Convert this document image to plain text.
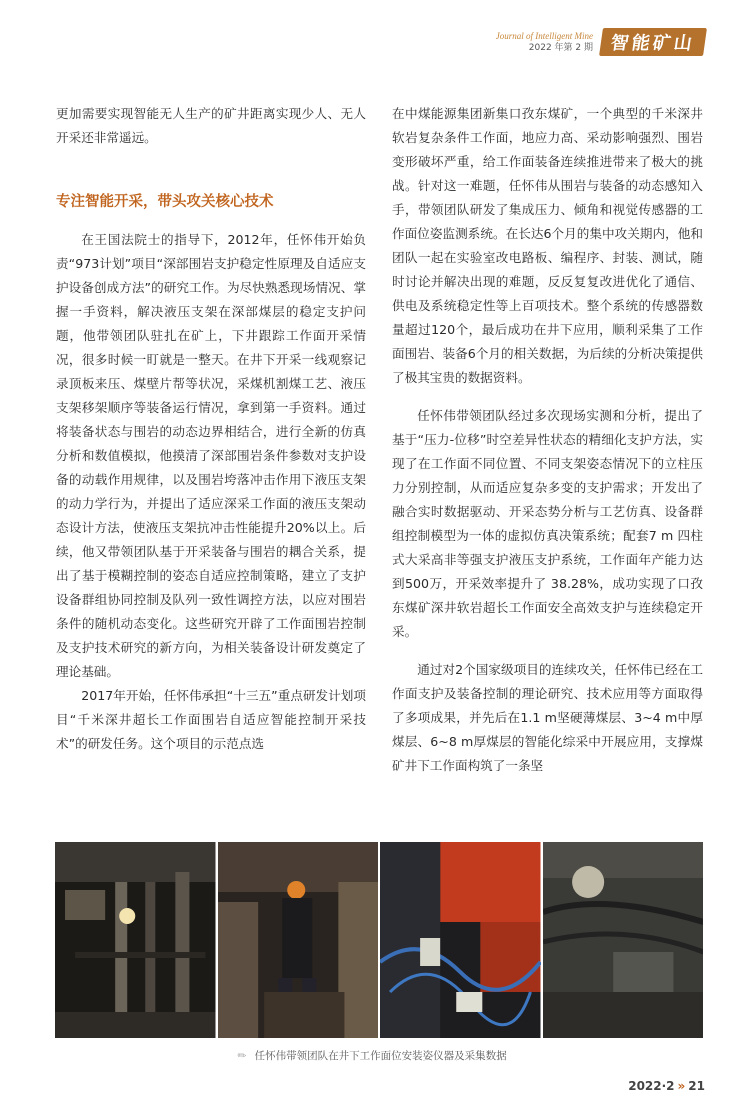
Journal of Intelligent Mine
2022 年第 2 期 智能矿山

更加需要实现智能无人生产的矿井距离实现少人、无人开采还非常遥远。

专注智能开采，带头攻关核心技术

在王国法院士的指导下，2012年，任怀伟开始负责“973计划”项目“深部围岩支护稳定性原理及自适应支护设备创成方法”的研究工作。为尽快熟悉现场情况、掌握一手资料，解决液压支架在深部煤层的稳定支护问题，他带领团队驻扎在矿上，下井跟踪工作面开采情况，很多时候一盯就是一整天。在井下开采一线观察记录顶板来压、煤壁片帮等状况，采煤机割煤工艺、液压支架移架顺序等装备运行情况，拿到第一手资料。通过将装备状态与围岩的动态边界相结合，进行全新的仿真分析和数值模拟，他摸清了深部围岩条件参数对支护设备的动载作用规律，以及围岩垮落冲击作用下液压支架的动力学行为，并提出了适应深采工作面的液压支架动态设计方法，使液压支架抗冲击性能提升20%以上。后续，他又带领团队基于开采装备与围岩的耦合关系，提出了基于模糊控制的姿态自适应控制策略，建立了支护设备群组协同控制及队列一致性调控方法，以应对围岩条件的随机动态变化。这些研究开辟了工作面围岩控制及支护技术研究的新方向，为相关装备设计研发奠定了理论基础。

2017年开始，任怀伟承担“十三五”重点研发计划项目“千米深井超长工作面围岩自适应智能控制开采技术”的研发任务。这个项目的示范点选

在中煤能源集团新集口孜东煤矿，一个典型的千米深井软岩复杂条件工作面，地应力高、采动影响强烈、围岩变形破坏严重，给工作面装备连续推进带来了极大的挑战。针对这一难题，任怀伟从围岩与装备的动态感知入手，带领团队研发了集成压力、倾角和视觉传感器的工作面位姿监测系统。在长达6个月的集中攻关期内，他和团队一起在实验室改电路板、编程序、封装、测试，随时讨论并解决出现的难题，反反复复改进优化了通信、供电及系统稳定性等上百项技术。整个系统的传感器数量超过120个，最后成功在井下应用，顺利采集了工作面围岩、装备6个月的相关数据，为后续的分析决策提供了极其宝贵的数据资料。

任怀伟带领团队经过多次现场实测和分析，提出了基于“压力-位移”时空差异性状态的精细化支护方法，实现了在工作面不同位置、不同支架姿态情况下的立柱压力分别控制，从而适应复杂多变的支护需求；开发出了融合实时数据驱动、开采态势分析与工艺仿真、设备群组控制模型为一体的虚拟仿真决策系统；配套7 m 四柱式大采高非等强支护液压支护系统，工作面年产能力达到500万，开采效率提升了 38.28%，成功实现了口孜东煤矿深井软岩超长工作面安全高效支护与连续稳定开采。

通过对2个国家级项目的连续攻关，任怀伟已经在工作面支护及装备控制的理论研究、技术应用等方面取得了多项成果，并先后在1.1 m坚硬薄煤层、3~4 m中厚煤层、6~8 m厚煤层的智能化综采中开展应用，支撑煤矿井下工作面构筑了一条坚

✎ 任怀伟带领团队在井下工作面位安装姿仪器及采集数据
2022·2 » 21
